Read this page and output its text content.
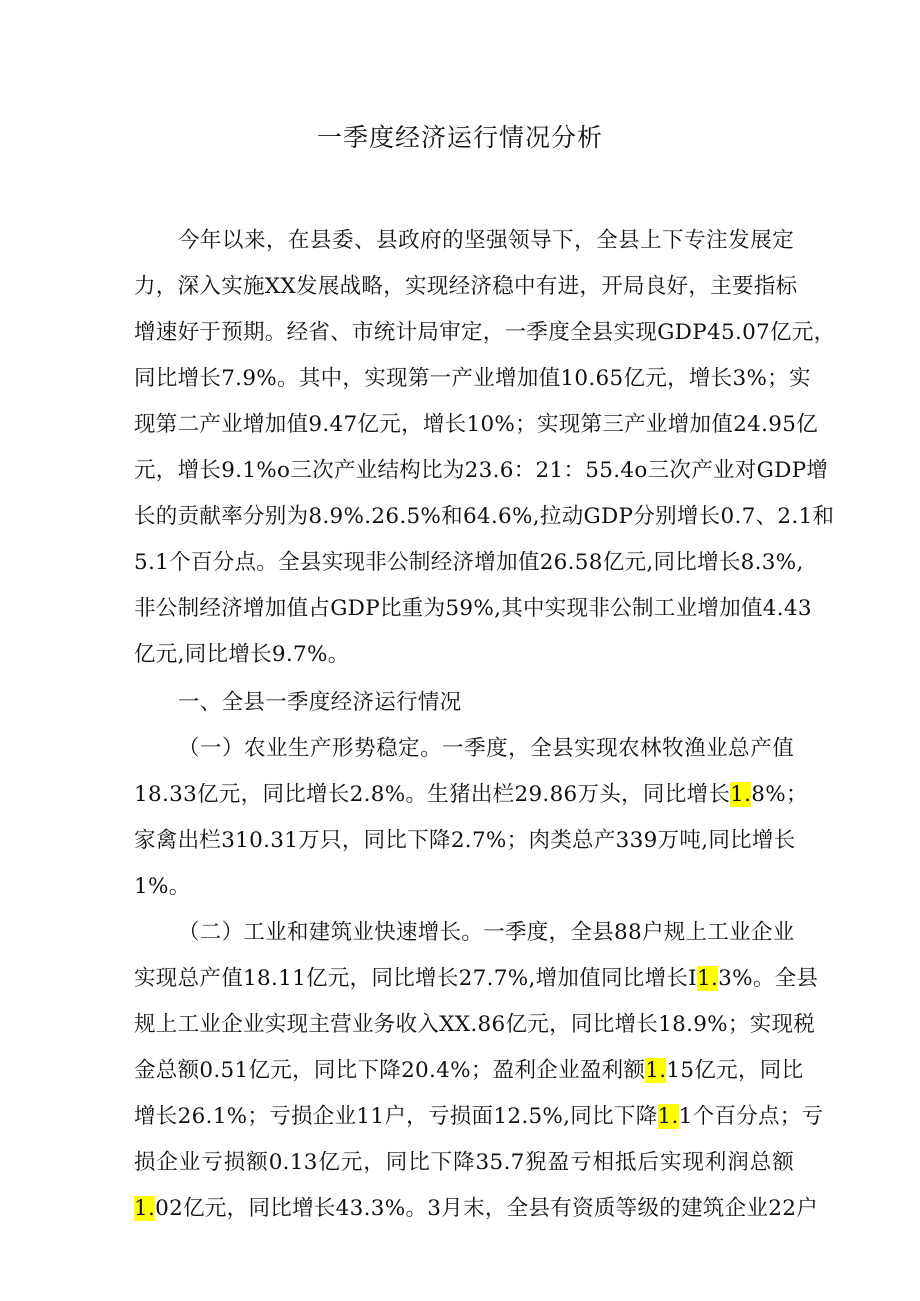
一季度经济运行情况分析
今年以来，在县委、县政府的坚强领导下，全县上下专注发展定
力，深入实施XX发展战略，实现经济稳中有进，开局良好，主要指标
增速好于预期。经省、市统计局审定，一季度全县实现GDP45.07亿元，
同比增长7.9%。其中，实现第一产业增加值10.65亿元，增长3%；实
现第二产业增加值9.47亿元，增长10%；实现第三产业增加值24.95亿
元，增长9.1%o三次产业结构比为23.6：21：55.4o三次产业对GDP增
长的贡献率分别为8.9%.26.5%和64.6%,拉动GDP分别增长0.7、2.1和
5.1个百分点。全县实现非公制经济增加值26.58亿元,同比增长8.3%,
非公制经济增加值占GDP比重为59%,其中实现非公制工业增加值4.43
亿元,同比增长9.7%。
一、全县一季度经济运行情况
（一）农业生产形势稳定。一季度，全县实现农林牧渔业总产值
18.33亿元，同比增长2.8%。生猪出栏29.86万头，同比增长1.8%；
家禽出栏310.31万只，同比下降2.7%；肉类总产339万吨,同比增长
1%。
（二）工业和建筑业快速增长。一季度，全县88户规上工业企业
实现总产值18.11亿元，同比增长27.7%,增加值同比增长I1.3%。全县
规上工业企业实现主营业务收入XX.86亿元，同比增长18.9%；实现税
金总额0.51亿元，同比下降20.4%；盈利企业盈利额1.15亿元，同比
增长26.1%；亏损企业11户，亏损面12.5%,同比下降1.1个百分点；亏
损企业亏损额0.13亿元，同比下降35.7猊盈亏相抵后实现利润总额
1.02亿元，同比增长43.3%。3月末，全县有资质等级的建筑企业22户
